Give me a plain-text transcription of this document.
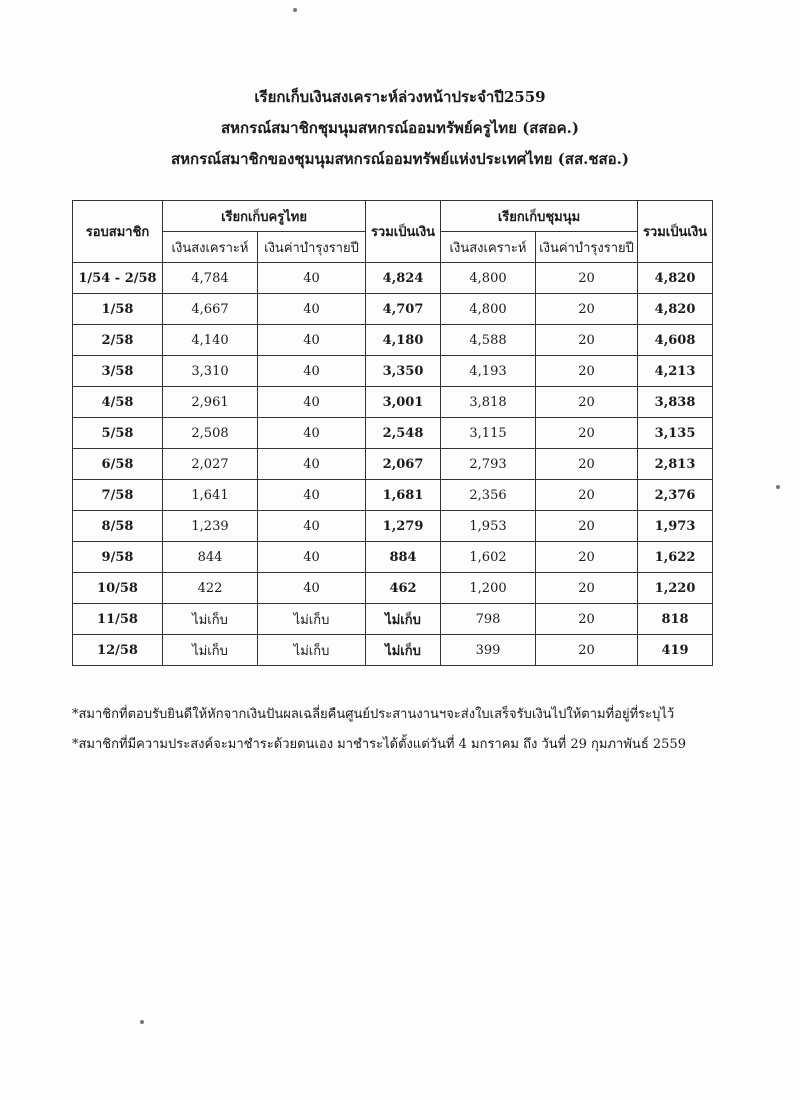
เรียกเก็บเงินสงเคราะห์ล่วงหน้าประจำปี2559
สหกรณ์สมาชิกชุมนุมสหกรณ์ออมทรัพย์ครูไทย (สสอค.)
สหกรณ์สมาชิกของชุมนุมสหกรณ์ออมทรัพย์แห่งประเทศไทย (สส.ชสอ.)
รอบสมาชิก	เรียกเก็บครูไทย		รวมเป็นเงิน	เรียกเก็บชุมนุม		รวมเป็นเงิน
	เงินสงเคราะห์	เงินค่าบำรุงรายปี		เงินสงเคราะห์	เงินค่าบำรุงรายปี	
1/54 - 2/58	4,784	40	4,824	4,800	20	4,820
1/58	4,667	40	4,707	4,800	20	4,820
2/58	4,140	40	4,180	4,588	20	4,608
3/58	3,310	40	3,350	4,193	20	4,213
4/58	2,961	40	3,001	3,818	20	3,838
5/58	2,508	40	2,548	3,115	20	3,135
6/58	2,027	40	2,067	2,793	20	2,813
7/58	1,641	40	1,681	2,356	20	2,376
8/58	1,239	40	1,279	1,953	20	1,973
9/58	844	40	884	1,602	20	1,622
10/58	422	40	462	1,200	20	1,220
11/58	ไม่เก็บ	ไม่เก็บ	ไม่เก็บ	798	20	818
12/58	ไม่เก็บ	ไม่เก็บ	ไม่เก็บ	399	20	419
*สมาชิกที่ตอบรับยินดีให้หักจากเงินปันผลเฉลี่ยคืนศูนย์ประสานงานฯจะส่งใบเสร็จรับเงินไปให้ตามที่อยู่ที่ระบุไว้
*สมาชิกที่มีความประสงค์จะมาชำระด้วยตนเอง มาชำระได้ตั้งแต่วันที่ 4 มกราคม ถึง วันที่ 29 กุมภาพันธ์ 2559
